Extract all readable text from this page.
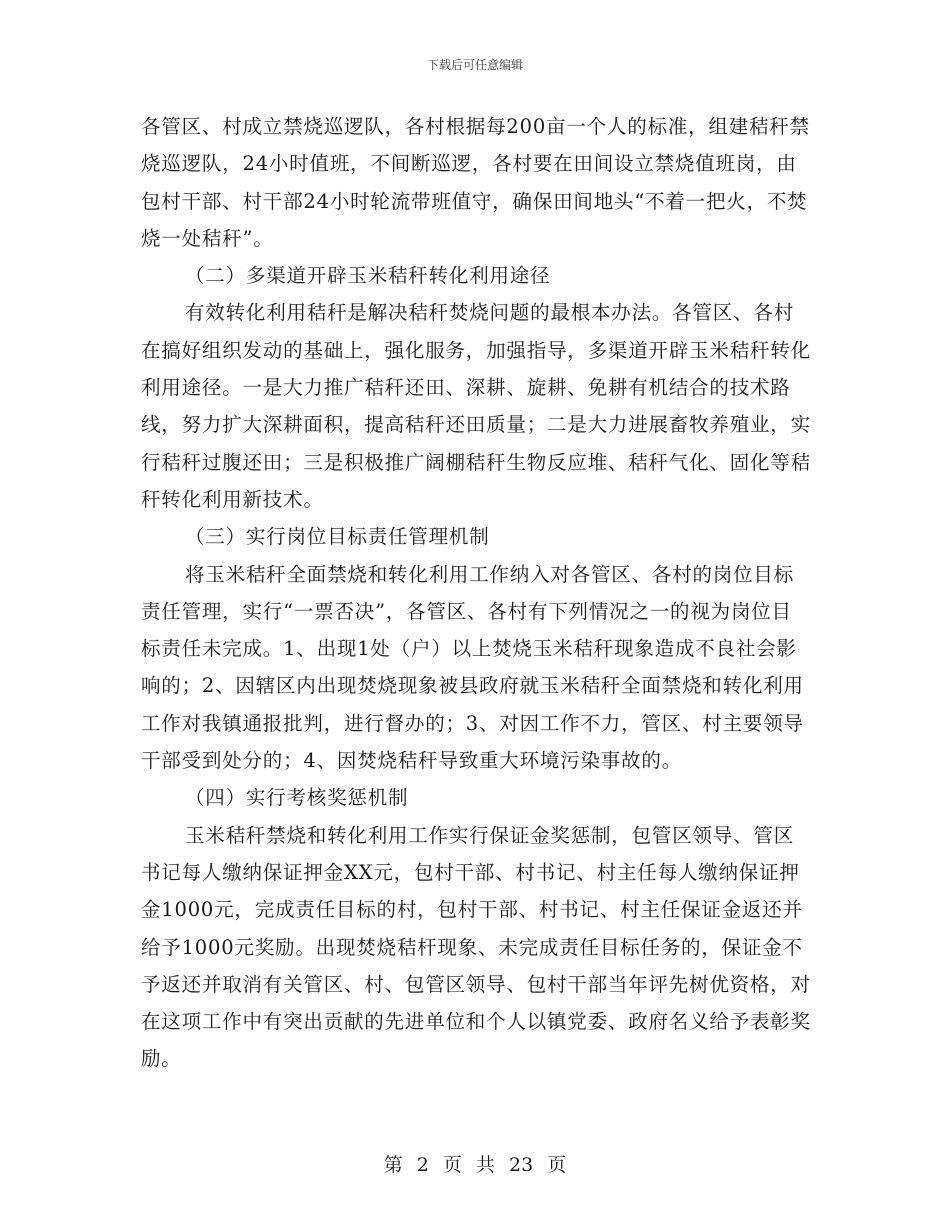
下载后可任意编辑

各管区、村成立禁烧巡逻队，各村根据每200亩一个人的标准，组建秸秆禁烧巡逻队，24小时值班，不间断巡逻，各村要在田间设立禁烧值班岗，由包村干部、村干部24小时轮流带班值守，确保田间地头“不着一把火，不焚烧一处秸秆”。

（二）多渠道开辟玉米秸秆转化利用途径

有效转化利用秸秆是解决秸秆焚烧问题的最根本办法。各管区、各村在搞好组织发动的基础上，强化服务，加强指导，多渠道开辟玉米秸秆转化利用途径。一是大力推广秸秆还田、深耕、旋耕、免耕有机结合的技术路线，努力扩大深耕面积，提高秸秆还田质量；二是大力进展畜牧养殖业，实行秸秆过腹还田；三是积极推广阔棚秸秆生物反应堆、秸秆气化、固化等秸秆转化利用新技术。

（三）实行岗位目标责任管理机制

将玉米秸秆全面禁烧和转化利用工作纳入对各管区、各村的岗位目标责任管理，实行“一票否决”，各管区、各村有下列情况之一的视为岗位目标责任未完成。1、出现1处（户）以上焚烧玉米秸秆现象造成不良社会影响的；2、因辖区内出现焚烧现象被县政府就玉米秸秆全面禁烧和转化利用工作对我镇通报批判，进行督办的；3、对因工作不力，管区、村主要领导干部受到处分的；4、因焚烧秸秆导致重大环境污染事故的。

（四）实行考核奖惩机制

玉米秸秆禁烧和转化利用工作实行保证金奖惩制，包管区领导、管区书记每人缴纳保证押金XX元，包村干部、村书记、村主任每人缴纳保证押金1000元，完成责任目标的村，包村干部、村书记、村主任保证金返还并给予1000元奖励。出现焚烧秸杆现象、未完成责任目标任务的，保证金不予返还并取消有关管区、村、包管区领导、包村干部当年评先树优资格，对在这项工作中有突出贡献的先进单位和个人以镇党委、政府名义给予表彰奖励。

第 2 页 共 23 页
